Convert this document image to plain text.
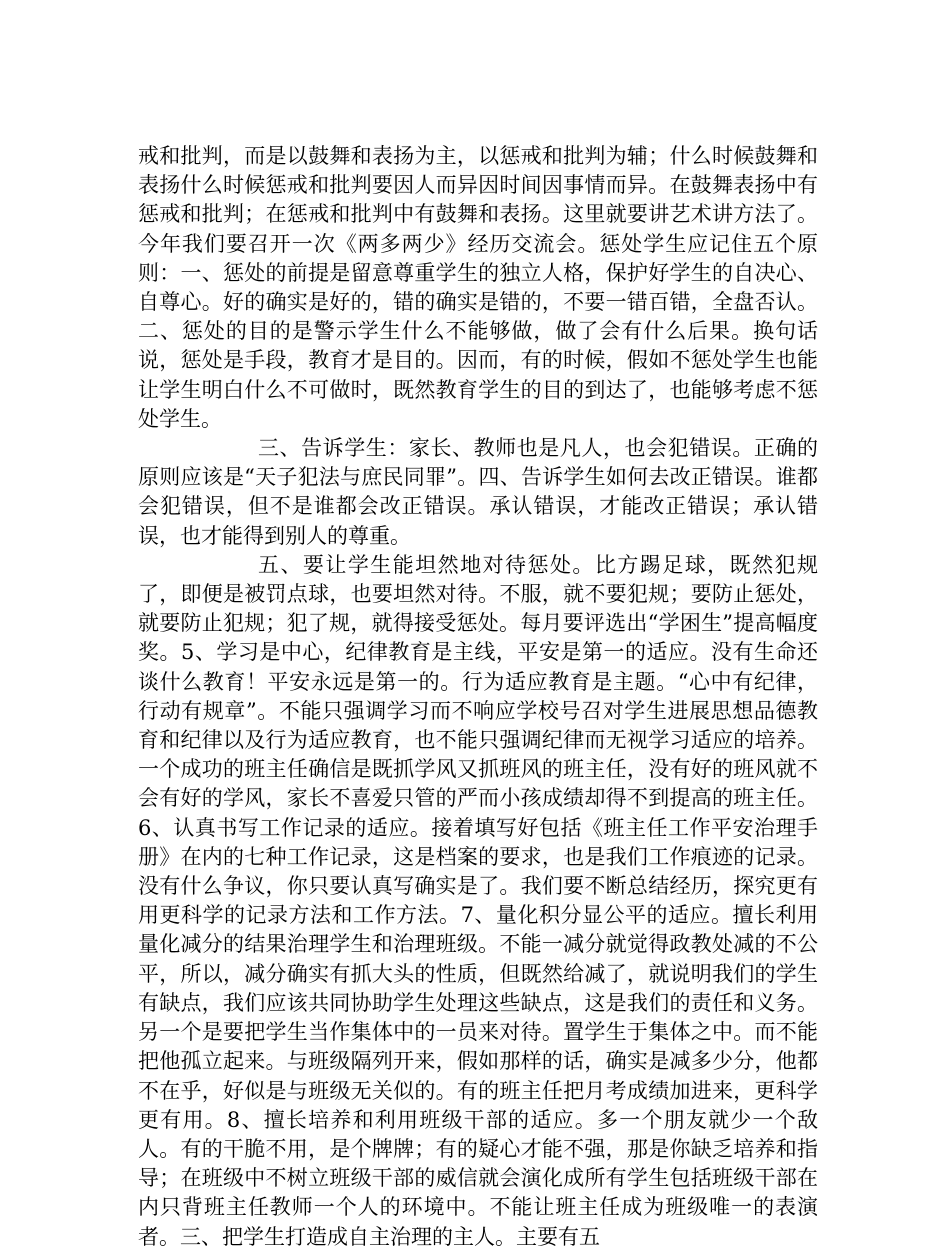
戒和批判，而是以鼓舞和表扬为主，以惩戒和批判为辅；什么时候鼓舞和表扬什么时候惩戒和批判要因人而异因时间因事情而异。在鼓舞表扬中有惩戒和批判；在惩戒和批判中有鼓舞和表扬。这里就要讲艺术讲方法了。今年我们要召开一次《两多两少》经历交流会。惩处学生应记住五个原则：一、惩处的前提是留意尊重学生的独立人格，保护好学生的自决心、自尊心。好的确实是好的，错的确实是错的，不要一错百错，全盘否认。二、惩处的目的是警示学生什么不能够做，做了会有什么后果。换句话说，惩处是手段，教育才是目的。因而，有的时候，假如不惩处学生也能让学生明白什么不可做时，既然教育学生的目的到达了，也能够考虑不惩处学生。

三、告诉学生：家长、教师也是凡人，也会犯错误。正确的原则应该是“天子犯法与庶民同罪”。四、告诉学生如何去改正错误。谁都会犯错误，但不是谁都会改正错误。承认错误，才能改正错误；承认错误，也才能得到别人的尊重。

五、要让学生能坦然地对待惩处。比方踢足球，既然犯规了，即便是被罚点球，也要坦然对待。不服，就不要犯规；要防止惩处，就要防止犯规；犯了规，就得接受惩处。每月要评选出“学困生”提高幅度奖。5、学习是中心，纪律教育是主线，平安是第一的适应。没有生命还谈什么教育！平安永远是第一的。行为适应教育是主题。“心中有纪律，行动有规章”。不能只强调学习而不响应学校号召对学生进展思想品德教育和纪律以及行为适应教育，也不能只强调纪律而无视学习适应的培养。一个成功的班主任确信是既抓学风又抓班风的班主任，没有好的班风就不会有好的学风，家长不喜爱只管的严而小孩成绩却得不到提高的班主任。6、认真书写工作记录的适应。接着填写好包括《班主任工作平安治理手册》在内的七种工作记录，这是档案的要求，也是我们工作痕迹的记录。没有什么争议，你只要认真写确实是了。我们要不断总结经历，探究更有用更科学的记录方法和工作方法。7、量化积分显公平的适应。擅长利用量化减分的结果治理学生和治理班级。不能一减分就觉得政教处减的不公平，所以，减分确实有抓大头的性质，但既然给减了，就说明我们的学生有缺点，我们应该共同协助学生处理这些缺点，这是我们的责任和义务。另一个是要把学生当作集体中的一员来对待。置学生于集体之中。而不能把他孤立起来。与班级隔列开来，假如那样的话，确实是减多少分，他都不在乎，好似是与班级无关似的。有的班主任把月考成绩加进来，更科学更有用。8、擅长培养和利用班级干部的适应。多一个朋友就少一个敌人。有的干脆不用，是个牌牌；有的疑心才能不强，那是你缺乏培养和指导；在班级中不树立班级干部的威信就会演化成所有学生包括班级干部在内只背班主任教师一个人的环境中。不能让班主任成为班级唯一的表演者。三、把学生打造成自主治理的主人。主要有五
